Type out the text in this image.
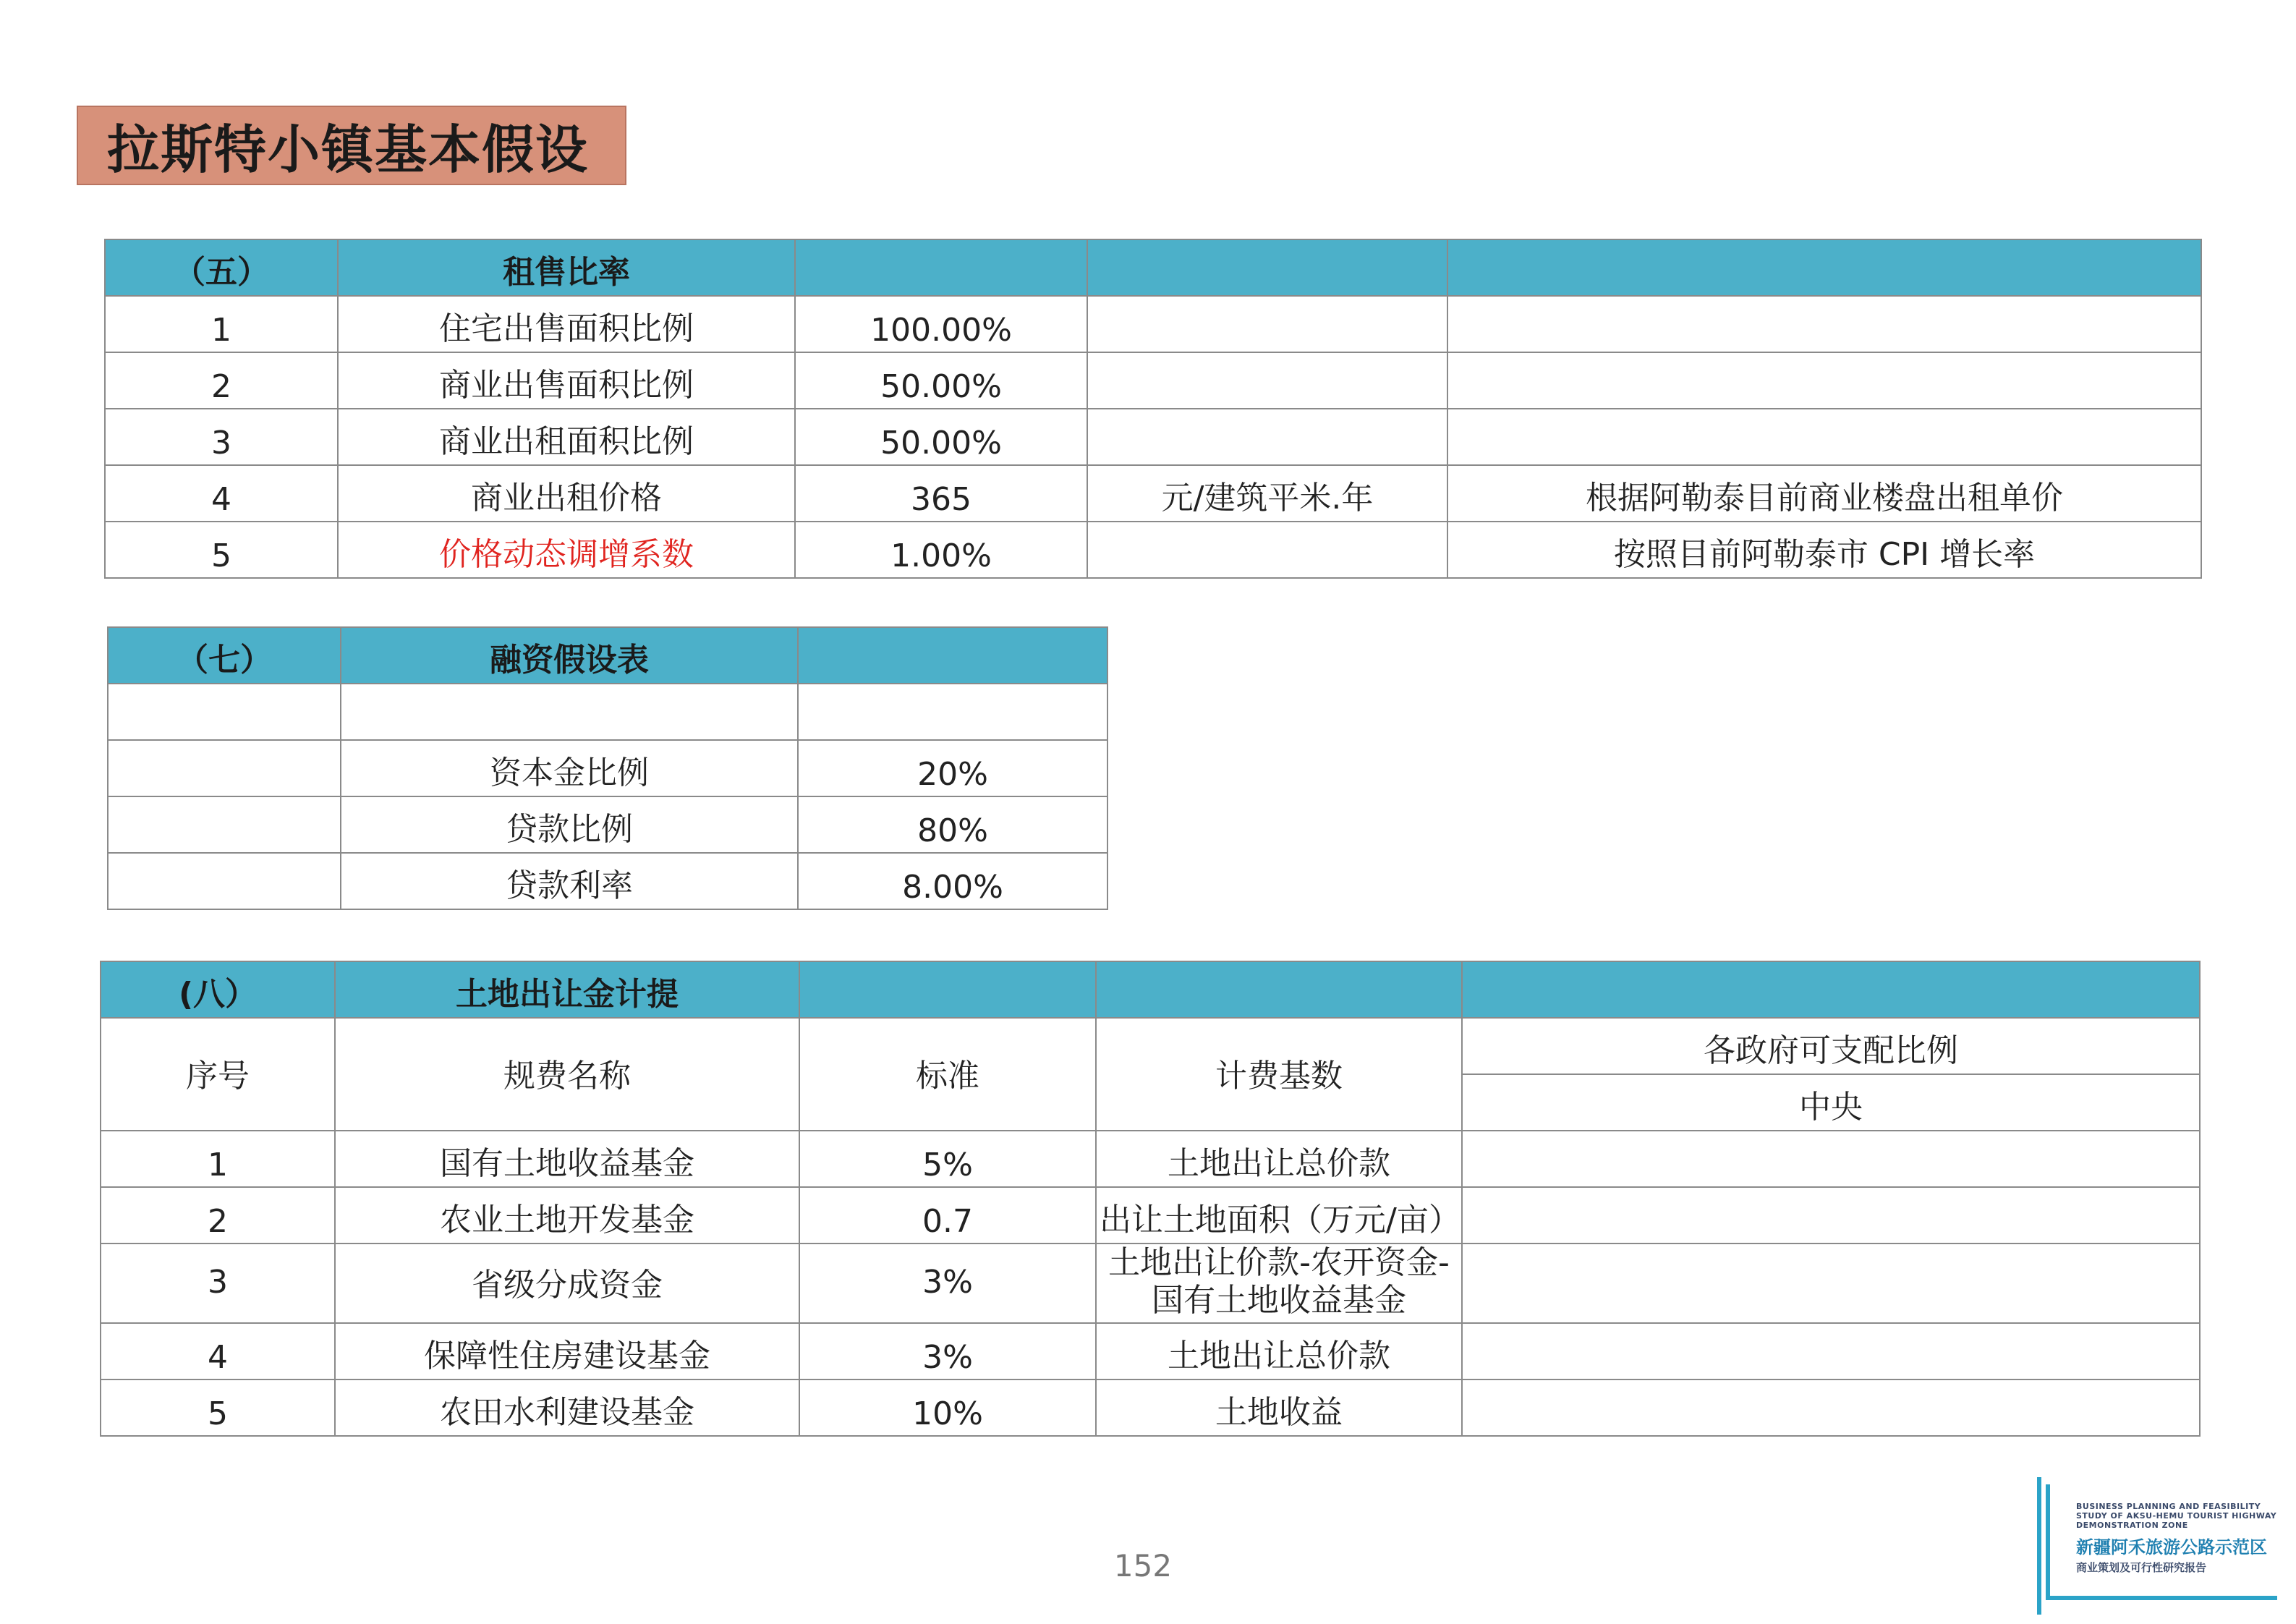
拉斯特小镇基本假设
（五）	租售比率			
1	住宅出售面积比例	100.00%		
2	商业出售面积比例	50.00%		
3	商业出租面积比例	50.00%		
4	商业出租价格	365	元/建筑平米.年	根据阿勒泰目前商业楼盘出租单价
5	价格动态调增系数	1.00%		按照目前阿勒泰市 CPI 增长率
（七）	融资假设表	

	资本金比例	20%
	贷款比例	80%
	贷款利率	8.00%
(八）	土地出让金计提			
序号	规费名称	标准	计费基数	各政府可支配比例
				中央
1	国有土地收益基金	5%	土地出让总价款	
2	农业土地开发基金	0.7	出让土地面积（万元/亩）	
3	省级分成资金	3%	土地出让价款-农开资金-国有土地收益基金	
4	保障性住房建设基金	3%	土地出让总价款	
5	农田水利建设基金	10%	土地收益	
152
BUSINESS PLANNING AND FEASIBILITY STUDY OF AKSU-HEMU TOURIST HIGHWAY DEMONSTRATION ZONE
新疆阿禾旅游公路示范区
商业策划及可行性研究报告
